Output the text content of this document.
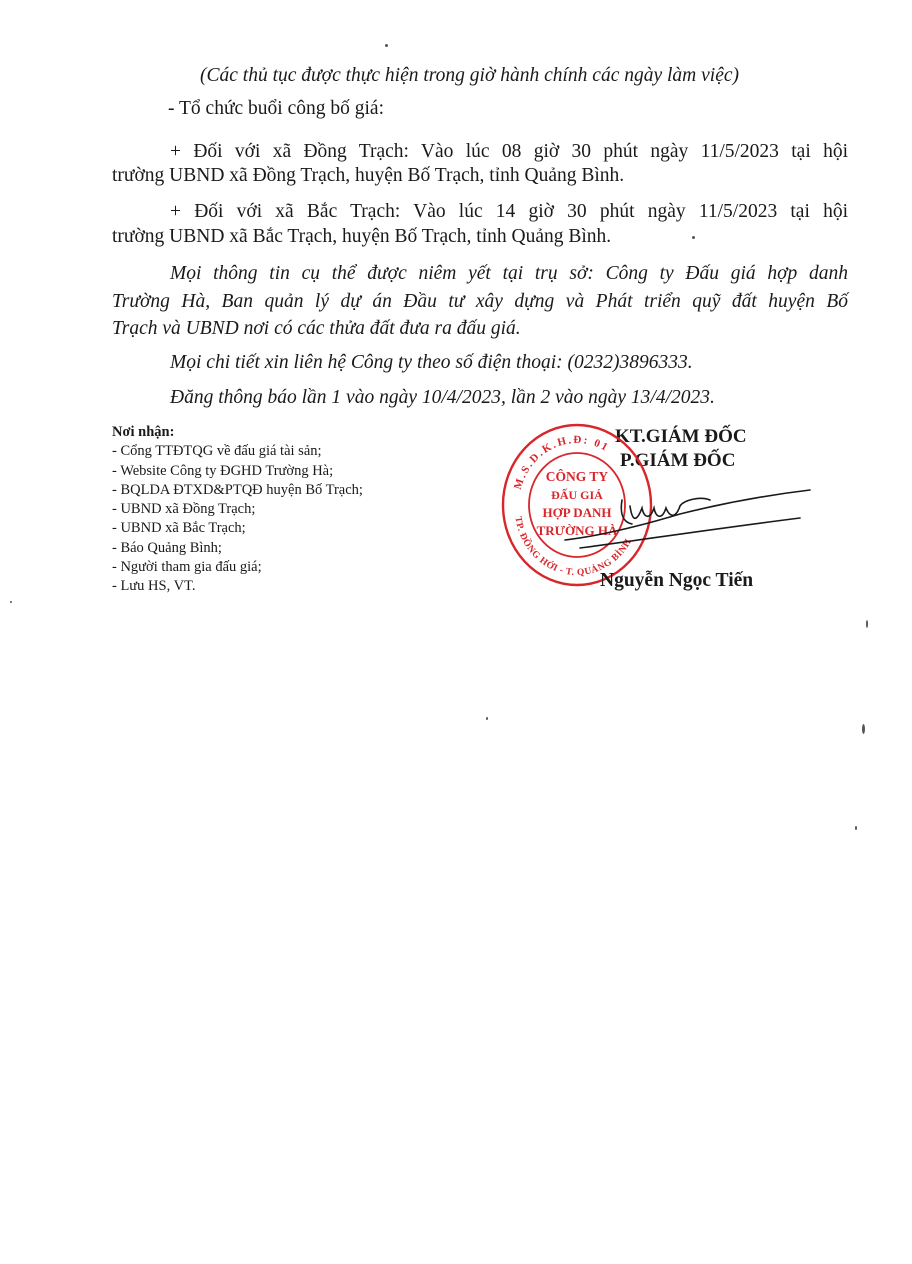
(Các thủ tục được thực hiện trong giờ hành chính các ngày làm việc)
- Tổ chức buổi công bố giá:
+ Đối với xã Đồng Trạch: Vào lúc 08 giờ 30 phút ngày 11/5/2023 tại hội
trường UBND xã Đồng Trạch, huyện Bố Trạch, tỉnh Quảng Bình.
+ Đối với xã Bắc Trạch: Vào lúc 14 giờ 30 phút ngày 11/5/2023 tại hội
trường UBND xã Bắc Trạch, huyện Bố Trạch, tỉnh Quảng Bình.
Mọi thông tin cụ thể được niêm yết tại trụ sở: Công ty Đấu giá hợp danh
Trường Hà, Ban quản lý dự án Đầu tư xây dựng và Phát triển quỹ đất huyện Bố
Trạch và UBND nơi có các thửa đất đưa ra đấu giá.
Mọi chi tiết xin liên hệ Công ty theo số điện thoại: (0232)3896333.
Đăng thông báo lần 1 vào ngày 10/4/2023, lần 2 vào ngày 13/4/2023.
Nơi nhận:
- Cổng TTĐTQG về đấu giá tài sản;
- Website Công ty ĐGHD Trường Hà;
- BQLDA ĐTXD&PTQĐ huyện Bố Trạch;
- UBND xã Đồng Trạch;
- UBND xã Bắc Trạch;
- Báo Quảng Bình;
- Người tham gia đấu giá;
- Lưu HS, VT.
KT.GIÁM ĐỐC
P.GIÁM ĐỐC
M.S.D.K.H.Đ: 01
TP. ĐỒNG HỚI - T. QUẢNG BÌNH
CÔNG TY
ĐẤU GIÁ
HỢP DANH
TRƯỜNG HÀ
Nguyễn Ngọc Tiến
